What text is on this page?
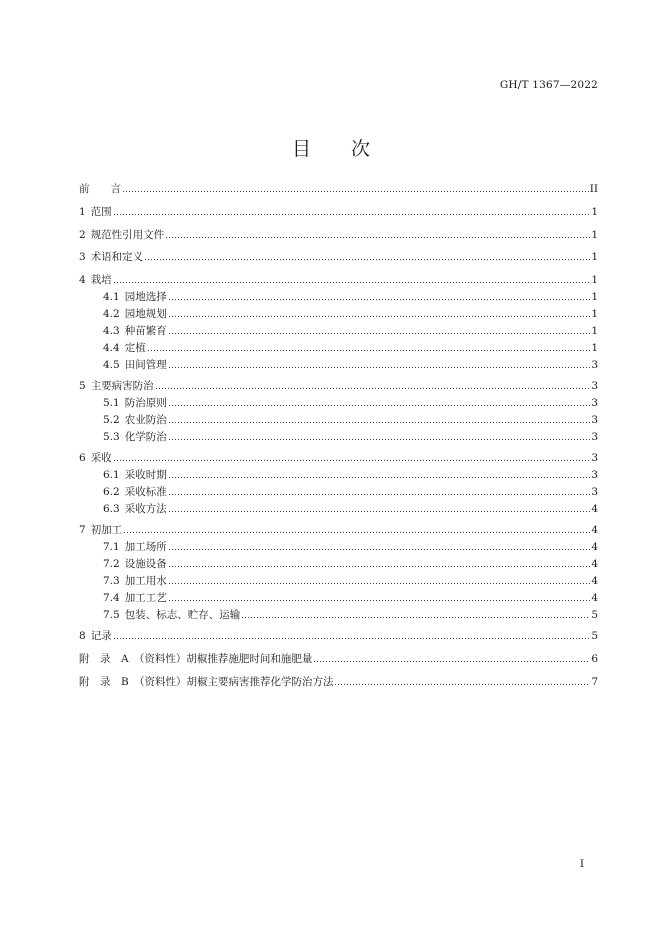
GH/T 1367—2022
目 次
前　　言	II
1 范围	1
2 规范性引用文件	1
3 术语和定义	1
4 栽培	1
4.1 园地选择	1
4.2 园地规划	1
4.3 种苗繁育	1
4.4 定植	1
4.5 田间管理	3
5 主要病害防治	3
5.1 防治原则	3
5.2 农业防治	3
5.3 化学防治	3
6 采收	3
6.1 采收时期	3
6.2 采收标准	3
6.3 采收方法	4
7 初加工	4
7.1 加工场所	4
7.2 设施设备	4
7.3 加工用水	4
7.4 加工工艺	4
7.5 包装、标志、贮存、运输	5
8 记录	5
附　录　A　（资料性）胡椒推荐施肥时间和施肥量	6
附　录　B　（资料性）胡椒主要病害推荐化学防治方法	7
I
